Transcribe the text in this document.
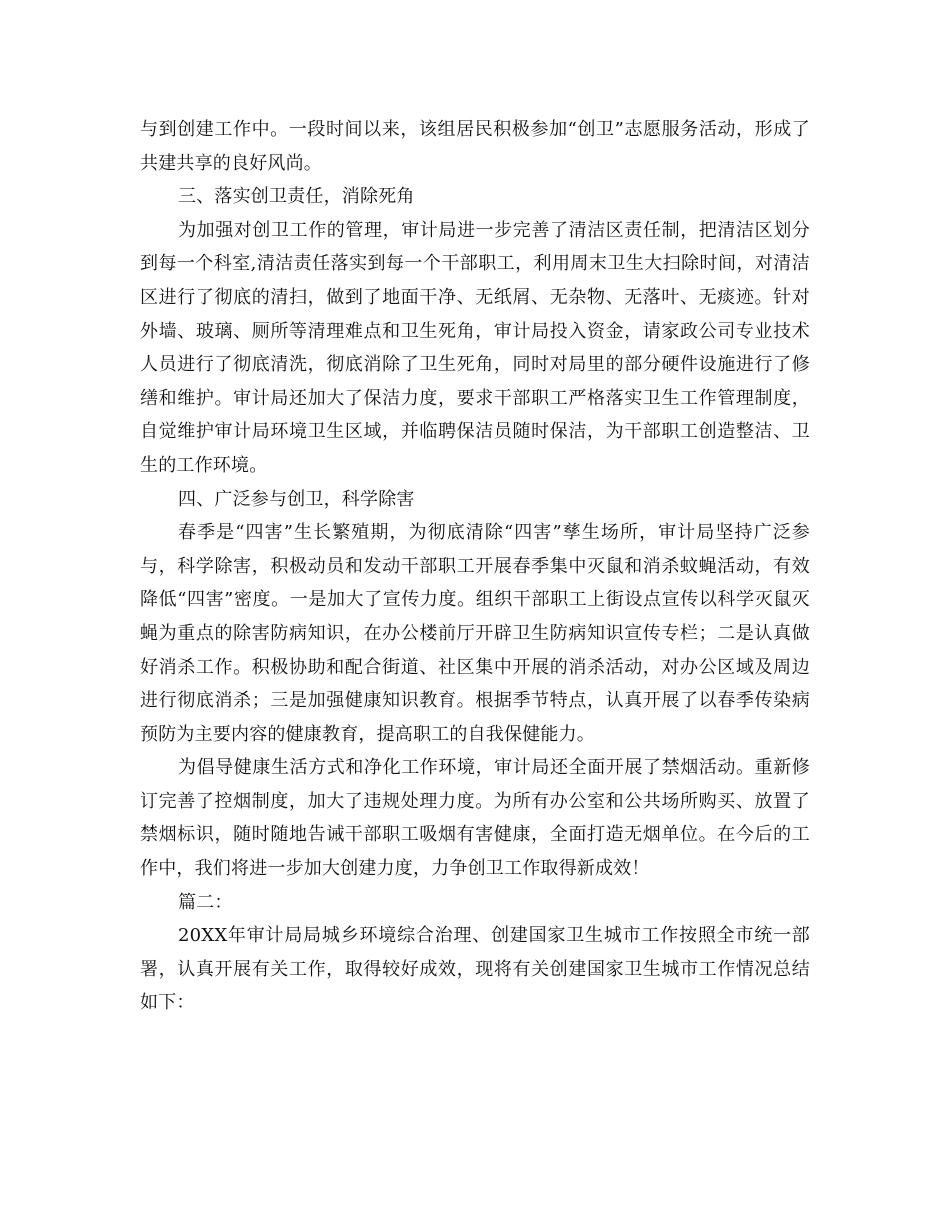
与到创建工作中。一段时间以来，该组居民积极参加“创卫”志愿服务活动，形成了共建共享的良好风尚。

三、落实创卫责任，消除死角

为加强对创卫工作的管理，审计局进一步完善了清洁区责任制，把清洁区划分到每一个科室,清洁责任落实到每一个干部职工，利用周末卫生大扫除时间，对清洁区进行了彻底的清扫，做到了地面干净、无纸屑、无杂物、无落叶、无痰迹。针对外墙、玻璃、厕所等清理难点和卫生死角，审计局投入资金，请家政公司专业技术人员进行了彻底清洗，彻底消除了卫生死角，同时对局里的部分硬件设施进行了修缮和维护。审计局还加大了保洁力度，要求干部职工严格落实卫生工作管理制度，自觉维护审计局环境卫生区域，并临聘保洁员随时保洁，为干部职工创造整洁、卫生的工作环境。

四、广泛参与创卫，科学除害

春季是“四害”生长繁殖期，为彻底清除“四害”孳生场所，审计局坚持广泛参与，科学除害，积极动员和发动干部职工开展春季集中灭鼠和消杀蚊蝇活动，有效降低“四害”密度。一是加大了宣传力度。组织干部职工上街设点宣传以科学灭鼠灭蝇为重点的除害防病知识，在办公楼前厅开辟卫生防病知识宣传专栏；二是认真做好消杀工作。积极协助和配合街道、社区集中开展的消杀活动，对办公区域及周边进行彻底消杀；三是加强健康知识教育。根据季节特点，认真开展了以春季传染病预防为主要内容的健康教育，提高职工的自我保健能力。

为倡导健康生活方式和净化工作环境，审计局还全面开展了禁烟活动。重新修订完善了控烟制度，加大了违规处理力度。为所有办公室和公共场所购买、放置了禁烟标识，随时随地告诫干部职工吸烟有害健康，全面打造无烟单位。在今后的工作中，我们将进一步加大创建力度，力争创卫工作取得新成效！

篇二：

20XX年审计局局城乡环境综合治理、创建国家卫生城市工作按照全市统一部署，认真开展有关工作，取得较好成效，现将有关创建国家卫生城市工作情况总结如下：
